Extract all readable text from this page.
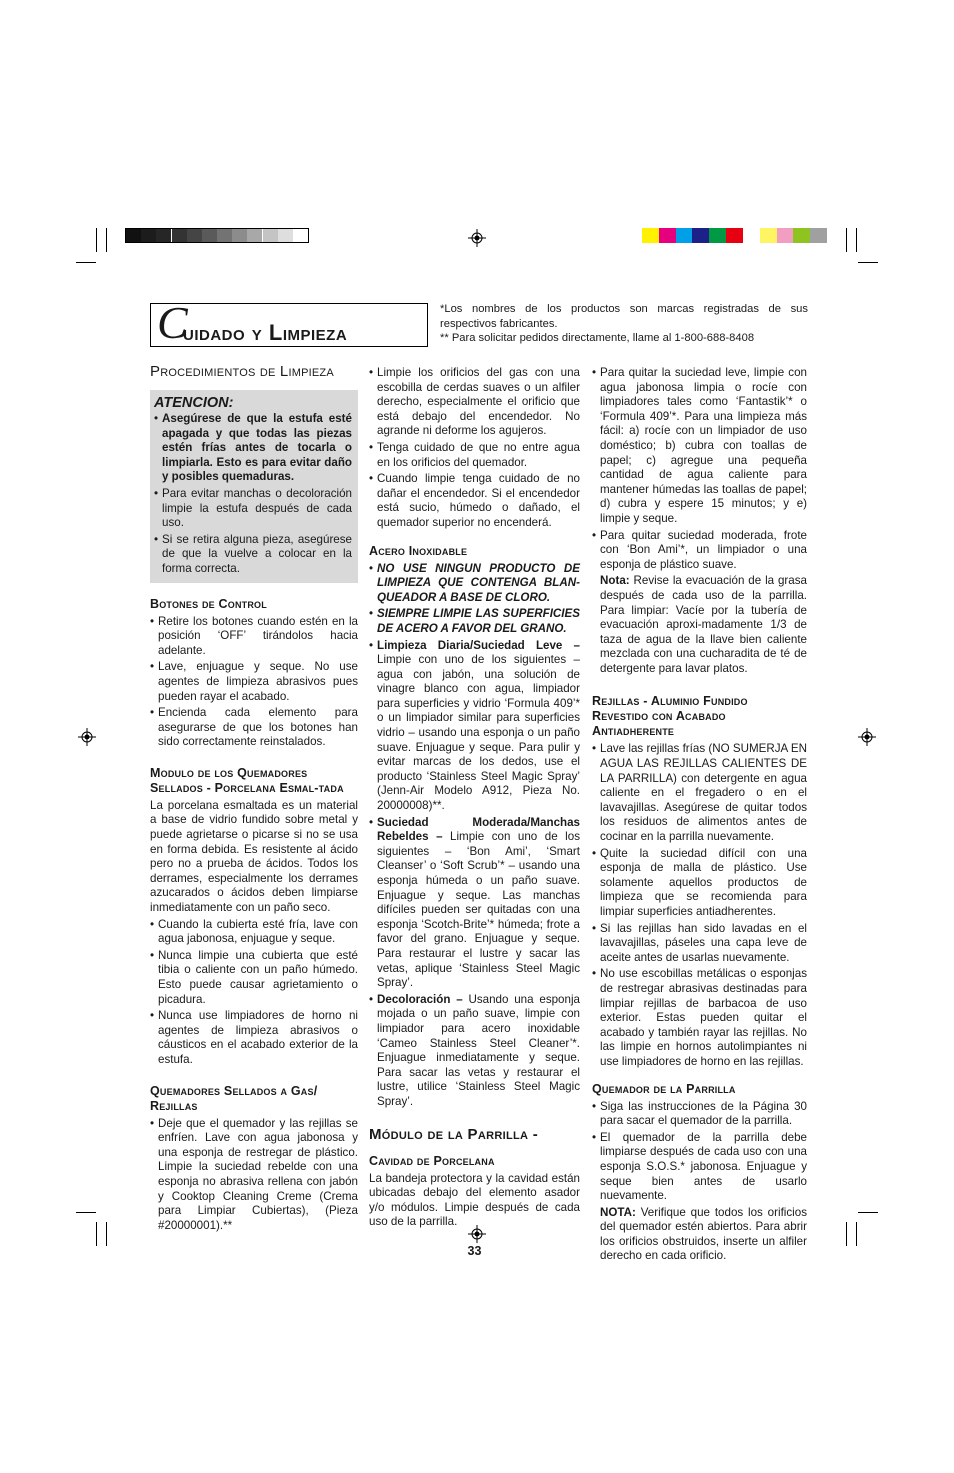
C
uidado y Limpieza

*Los nombres de los productos son marcas registradas de sus respectivos fabricantes.

** Para solicitar pedidos directamente, llame al 1-800-688-8408

Procedimientos de Limpieza
ATENCION:
• Asegúrese de que la estufa esté apagada y que todas las piezas estén frías antes de tocarla o limpiarla. Esto es para evitar daño y posibles quemaduras.
• Para evitar manchas o decoloración limpie la estufa después de cada uso.
• Si se retira alguna pieza, asegúrese de que la vuelve a colocar en la forma correcta.
Botones de Control
• Retire los botones cuando estén en la posición ‘OFF’ tirándolos hacia adelante.
• Lave, enjuague y seque. No use agentes de limpieza abrasivos pues pueden rayar el acabado.
• Encienda cada elemento para asegurarse de que los botones han sido correctamente reinstalados.
Modulo de los Quemadores Sellados - Porcelana Esmal-tada

La porcelana esmaltada es un material a base de vidrio fundido sobre metal y puede agrietarse o picarse si no se usa en forma debida. Es resistente al ácido pero no a prueba de ácidos. Todos los derrames, especialmente los derrames azucarados o ácidos deben limpiarse inmediatamente con un paño seco.

• Cuando la cubierta esté fría, lave con agua jabonosa, enjuague y seque.
• Nunca limpie una cubierta que esté tibia o caliente con un paño húmedo. Esto puede causar agrietamiento o picadura.
• Nunca use limpiadores de horno ni agentes de limpieza abrasivos o cáusticos en el acabado exterior de la estufa.
Quemadores Sellados a Gas/ Rejillas
• Deje que el quemador y las rejillas se enfríen. Lave con agua jabonosa y una esponja de restregar de plástico. Limpie la suciedad rebelde con una esponja no abrasiva rellena con jabón y Cooktop Cleaning Creme (Crema para Limpiar Cubiertas), (Pieza #20000001).**
• Limpie los orificios del gas con una escobilla de cerdas suaves o un alfiler derecho, especialmente el orificio que está debajo del encendedor. No agrande ni deforme los agujeros.
• Tenga cuidado de que no entre agua en los orificios del quemador.
• Cuando limpie tenga cuidado de no dañar el encendedor. Si el encendedor está sucio, húmedo o dañado, el quemador superior no encenderá.
Acero Inoxidable
• NO USE NINGUN PRODUCTO DE LIMPIEZA QUE CONTENGA BLAN-QUEADOR A BASE DE CLORO.
• SIEMPRE LIMPIE LAS SUPERFICIES DE ACERO A FAVOR DEL GRANO.
• Limpieza Diaria/Suciedad Leve – Limpie con uno de los siguientes – agua con jabón, una solución de vinagre blanco con agua, limpiador para superficies y vidrio ‘Formula 409’* o un limpiador similar para superficies vidrio – usando una esponja o un paño suave. Enjuague y seque. Para pulir y evitar marcas de los dedos, use el producto ‘Stainless Steel Magic Spray’ (Jenn-Air Modelo A912, Pieza No. 20000008)**.
• Suciedad Moderada/Manchas Rebeldes – Limpie con uno de los siguientes – ‘Bon Ami’, ‘Smart Cleanser’ o ‘Soft Scrub’* – usando una esponja húmeda o un paño suave. Enjuague y seque. Las manchas difíciles pueden ser quitadas con una esponja ‘Scotch-Brite’* húmeda; frote a favor del grano. Enjuague y seque. Para restaurar el lustre y sacar las vetas, aplique ‘Stainless Steel Magic Spray’.
• Decoloración – Usando una esponja mojada o un paño suave, limpie con limpiador para acero inoxidable ‘Cameo Stainless Steel Cleaner’*. Enjuague inmediatamente y seque. Para sacar las vetas y restaurar el lustre, utilice ‘Stainless Steel Magic Spray’.
Módulo de la Parrilla -
Cavidad de Porcelana

La bandeja protectora y la cavidad están ubicadas debajo del elemento asador y/o módulos. Limpie después de cada uso de la parrilla.

33
• Para quitar la suciedad leve, limpie con agua jabonosa limpia o rocíe con limpiadores tales como ‘Fantastik’* o ‘Formula 409’*. Para una limpieza más fácil: a) rocíe con un limpiador de uso doméstico; b) cubra con toallas de papel; c) agregue una pequeña cantidad de agua caliente para mantener húmedas las toallas de papel; d) cubra y espere 15 minutos; y e) limpie y seque.
• Para quitar suciedad moderada, frote con ‘Bon Ami’*, un limpiador o una esponja de plástico suave.

Nota: Revise la evacuación de la grasa después de cada uso de la parrilla. Para limpiar: Vacíe por la tubería de evacuación aproxi-madamente 1/3 de taza de agua de la llave bien caliente mezclada con una cucharadita de té de detergente para lavar platos.

Rejillas - Aluminio Fundido Revestido con Acabado Antiadherente
• Lave las rejillas frías (NO SUMERJA EN AGUA LAS REJILLAS CALIENTES DE LA PARRILLA) con detergente en agua caliente en el fregadero o en el lavavajillas. Asegúrese de quitar todos los residuos de alimentos antes de cocinar en la parrilla nuevamente.
• Quite la suciedad difícil con una esponja de malla de plástico. Use solamente aquellos productos de limpieza que se recomienda para limpiar superficies antiadherentes.
• Si las rejillas han sido lavadas en el lavavajillas, páseles una capa leve de aceite antes de usarlas nuevamente.
• No use escobillas metálicas o esponjas de restregar abrasivas destinadas para limpiar rejillas de barbacoa de uso exterior. Estas pueden quitar el acabado y también rayar las rejillas. No las limpie en hornos autolimpiantes ni use limpiadores de horno en las rejillas.
Quemador de la Parrilla
• Siga las instrucciones de la Página 30 para sacar el quemador de la parrilla.
• El quemador de la parrilla debe limpiarse después de cada uso con una esponja S.O.S.* jabonosa. Enjuague y seque bien antes de usarlo nuevamente.

NOTA: Verifique que todos los orificios del quemador estén abiertos. Para abrir los orificios obstruidos, inserte un alfiler derecho en cada orificio.
